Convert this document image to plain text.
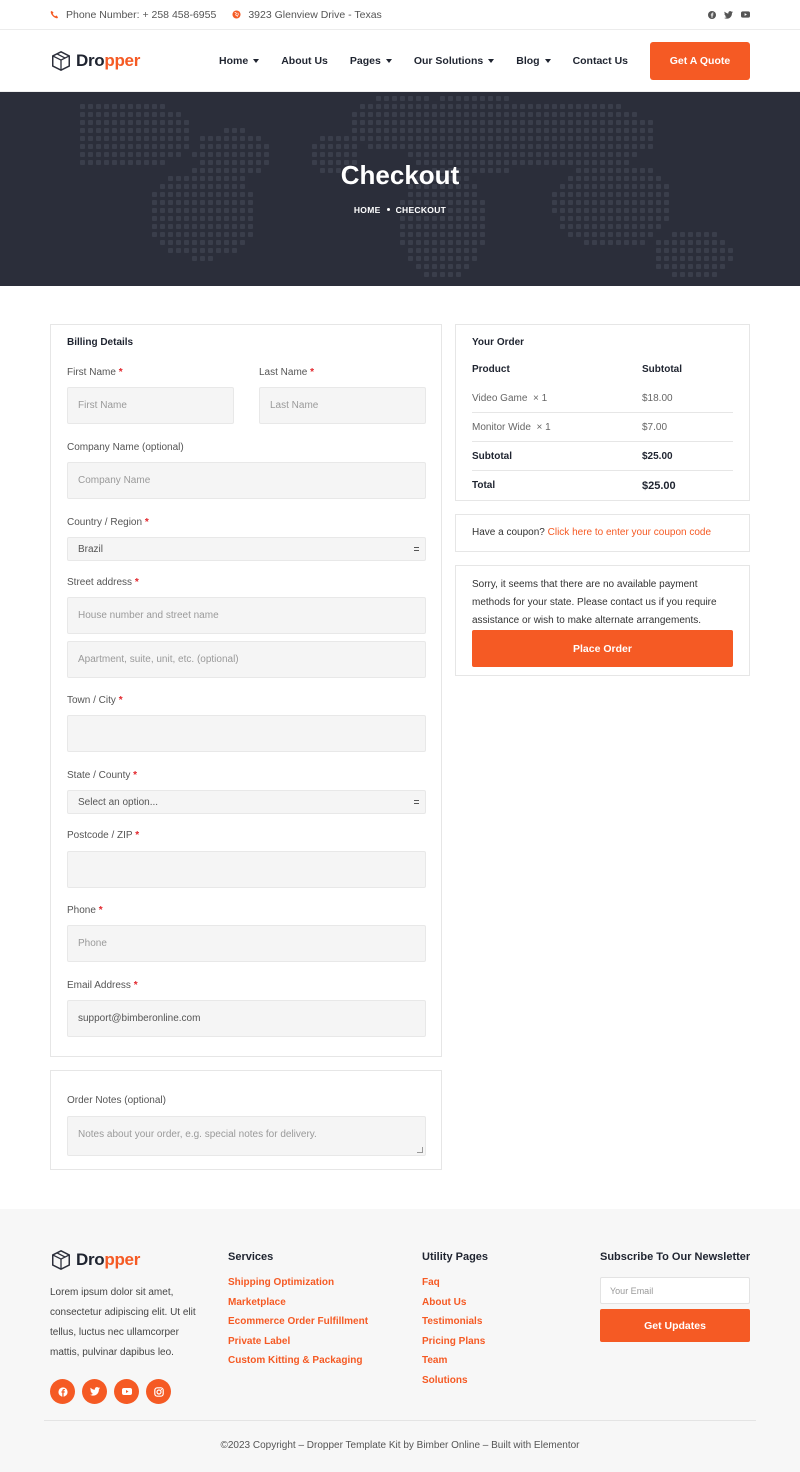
Phone Number: + 258 458-6955	3923 Glenview Drive - Texas
Dro pper	Home	About Us Pages	Our Solutions	Blog	Contact Us	Get A Quote
Checkout
HOME CHECKOUT
Billing Details
First Name *
First Name
Last Name *
Last Name
Company Name (optional)
Company Name
Country / Region *
Brazil
Street address *
House number and street name
Apartment, suite, unit, etc. (optional)
Town / City *
State / County *
Select an option...
Postcode / ZIP *
Phone *
Phone
Email Address *
support@bimberonline.com
Order Notes (optional)
Notes about your order, e.g. special notes for delivery.
Your Order
Product	Subtotal
Video Game × 1	$18.00
Monitor Wide × 1	$7.00
Subtotal	$25.00
Total	$25.00
Have a coupon? Click here to enter your coupon code
Sorry, it seems that there are no available payment methods for your state. Please contact us if you require assistance or wish to make alternate arrangements.
Place Order
Dro pper
Lorem ipsum dolor sit amet, consectetur adipiscing elit. Ut elit tellus, luctus nec ullamcorper mattis, pulvinar dapibus leo.
Services
Shipping Optimization
Marketplace
Ecommerce Order Fulfillment
Private Label
Custom Kitting & Packaging
Utility Pages
Faq
About Us
Testimonials
Pricing Plans
Team
Solutions
Subscribe To Our Newsletter
Your Email
Get Updates
©2023 Copyright – Dropper Template Kit by Bimber Online – Built with Elementor
